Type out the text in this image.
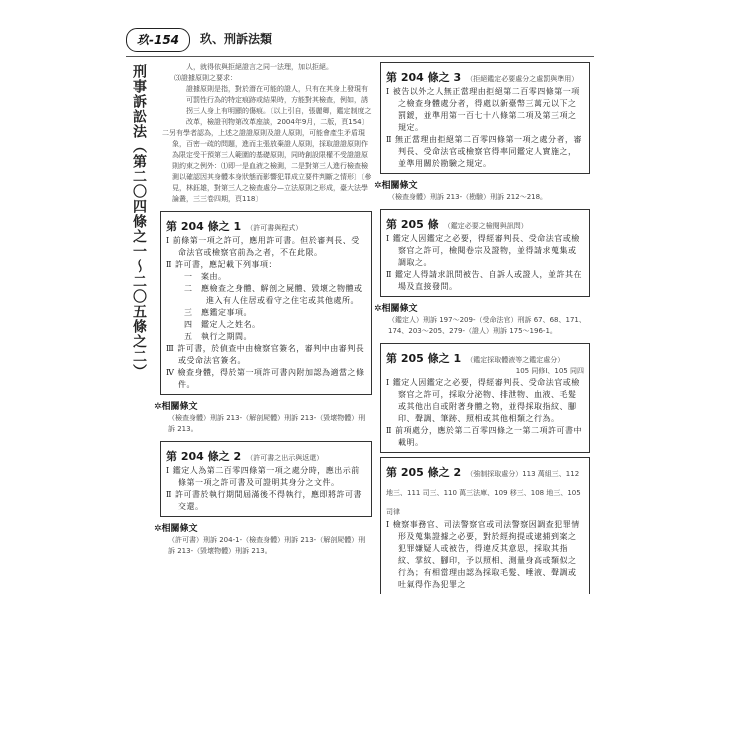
玖-154	玖、刑訴法類
刑事訴訟法（第二〇四條之一～二〇五條之二）	人，就得依與拒絕證言之同一法理，加以拒絕。

⑶證據原則之要求：

證據原則是指，對於潛在可能的證人，只有在其身上發現有可罰性行為的特定痕跡或結果時，方能對其檢查，例如，誘拐三人身上有明顯的傷痕。〔以上引自，張麗卿，鑑定制度之改革，檢證刊物第改革座談，2004年9月，二版，頁154〕

二另有學者認為，上述之證證原則及證人原則，可能會產生矛盾現象，百密一疏的問題，進而主張放棄證人原則，採取證證原則作為限定受干預第三人範圍的基礎原則，同時創設限權不受證證原則約束之例外：⑴即一是血液之檢測，二是對第三人進行檢查檢測以確認因其身體本身狀態而影響犯罪成立要件判斷之情形〕〔參見，林鈺雄，對第三人之檢查處分—立法原則之形成，臺大法學論叢，三三卷四期，頁118〕

第 204 條之 1 （許可書與程式）

Ⅰ 前條第一項之許可，應用許可書。但於審判長、受命法官或檢察官前為之者，不在此限。

Ⅱ 許可書，應記載下列事項：

一　案由。

二　應檢查之身體、解剖之屍體、毀壞之物體或進入有人住居或看守之住宅或其他處所。

三　應鑑定事項。

四　鑑定人之姓名。

五　執行之期間。

Ⅲ 許可書，於偵查中由檢察官簽名，審判中由審判長或受命法官簽名。

Ⅳ 檢查身體，得於第一項許可書內附加認為適當之條件。

✲相關條文

（檢查身體）刑訴 213-（解剖屍體）刑訴 213-（毀壞物體）刑訴 213。

第 204 條之 2 （許可書之出示與返還）

Ⅰ 鑑定人為第二百零四條第一項之處分時，應出示前條第一項之許可書及可證明其身分之文件。

Ⅱ 許可書於執行期間屆滿後不得執行，應即將許可書交還。

✲相關條文

（許可書）刑訴 204-1-（檢查身體）刑訴 213-（解剖屍體）刑訴 213-（毀壞物體）刑訴 213。

第 204 條之 3 （拒絕鑑定必要處分之處罰與準用）

Ⅰ 被告以外之人無正當理由拒絕第二百零四條第一項之檢查身體處分者，得處以新臺幣三萬元以下之罰鍰，並準用第一百七十八條第二項及第三項之規定。

Ⅱ 無正當理由拒絕第二百零四條第一項之處分者，審判長、受命法官或檢察官得率同鑑定人實施之，並準用關於勘驗之規定。

✲相關條文

（檢查身體）刑訴 213-（勘驗）刑訴 212～218。

第 205 條 （鑑定必要之檢閱與訊問）

Ⅰ 鑑定人因鑑定之必要，得經審判長、受命法官或檢察官之許可，檢閱卷宗及證物，並得請求蒐集或調取之。

Ⅱ 鑑定人得請求訊問被告、自訴人或證人，並許其在場及直接發問。

✲相關條文

（鑑定人）刑訴 197～209-（受命法官）刑訴 67、68、171、174、203～205、279-（證人）刑訴 175～196-1。

第 205 條之 1 （鑑定採取體液等之鑑定處分）
105 同修Ⅰ、105 同四

Ⅰ 鑑定人因鑑定之必要，得經審判長、受命法官或檢察官之許可，採取分泌物、排泄物、血液、毛髮或其他出自或附著身體之物，並得採取指紋、腳印、聲調、筆跡、照相或其他相類之行為。

Ⅱ 前項處分，應於第二百零四條之一第二項許可書中載明。

第 205 條之 2 （強制採取處分）113 萬組三、112 地三、111 司三、110 萬三法庫、109 移三、108 地三、105 司律

Ⅰ 檢察事務官、司法警察官或司法警察因調查犯罪情形及蒐集證據之必要，對於經拘提或逮捕到案之犯罪嫌疑人或被告，得違反其意思，採取其指紋、掌紋、腳印，予以照相、測量身高或類似之行為；有相當理由認為採取毛髮、唾液、聲調或吐氣得作為犯罪之
